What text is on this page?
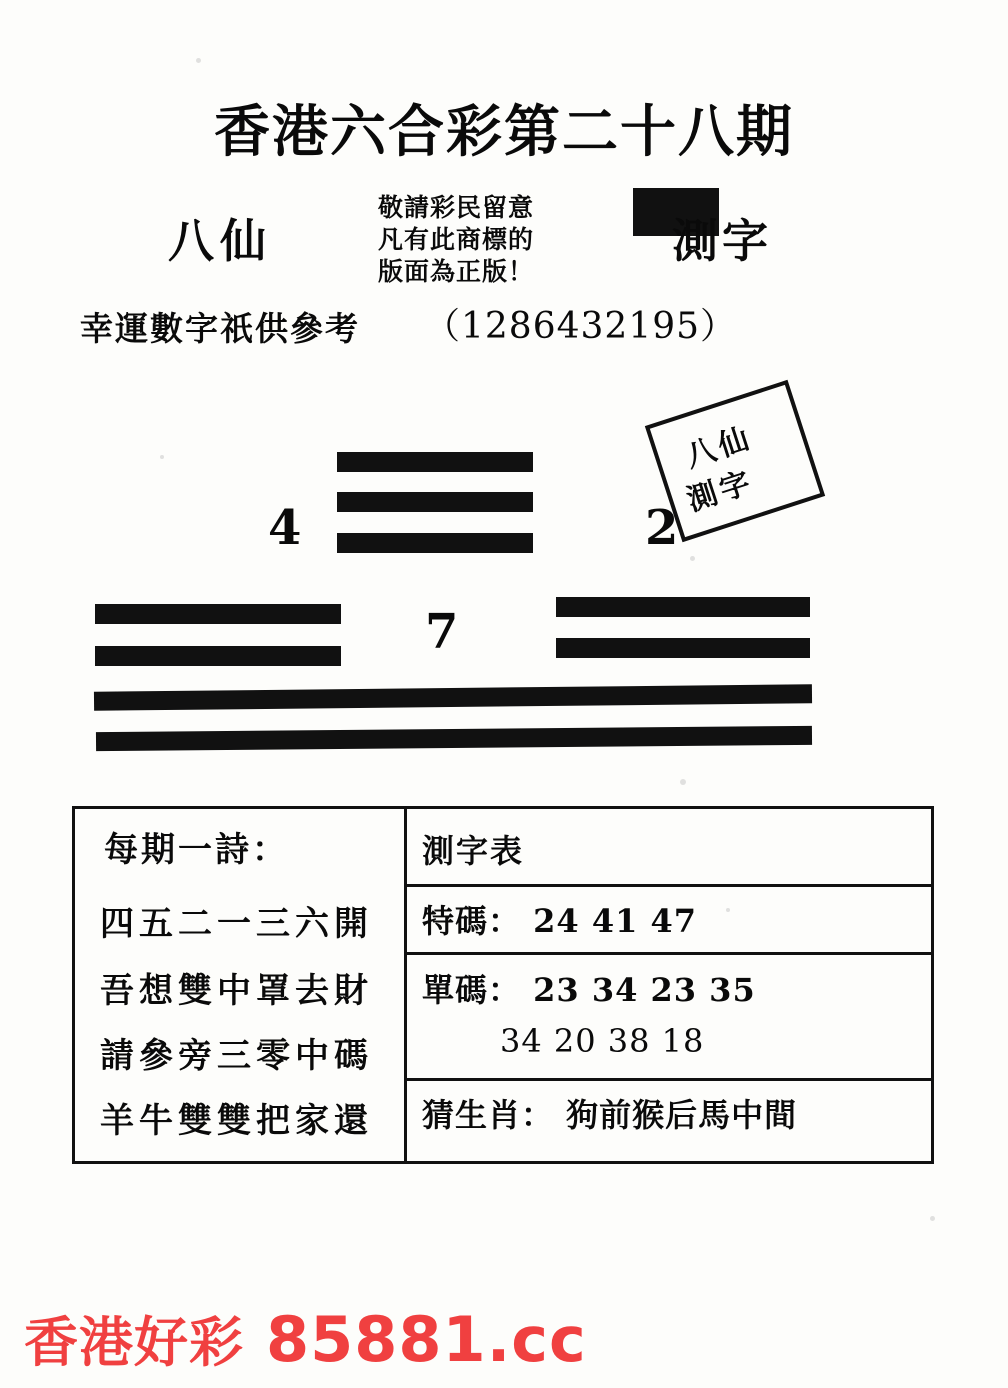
香港六合彩第二十八期
八仙
敬請彩民留意
凡有此商標的
版面為正版！
測字
幸運數字祇供參考 （1286432195）
4	2
7
八仙
測字
每期一詩：
四五二一三六開
吾想雙中罩去財
請參旁三零中碼
羊牛雙雙把家還
測字表
特碼： 24 41 47
單碼： 23 34 23 35
34 20 38 18
猜生肖： 狗前猴后馬中間
香港好彩 85881.cc
